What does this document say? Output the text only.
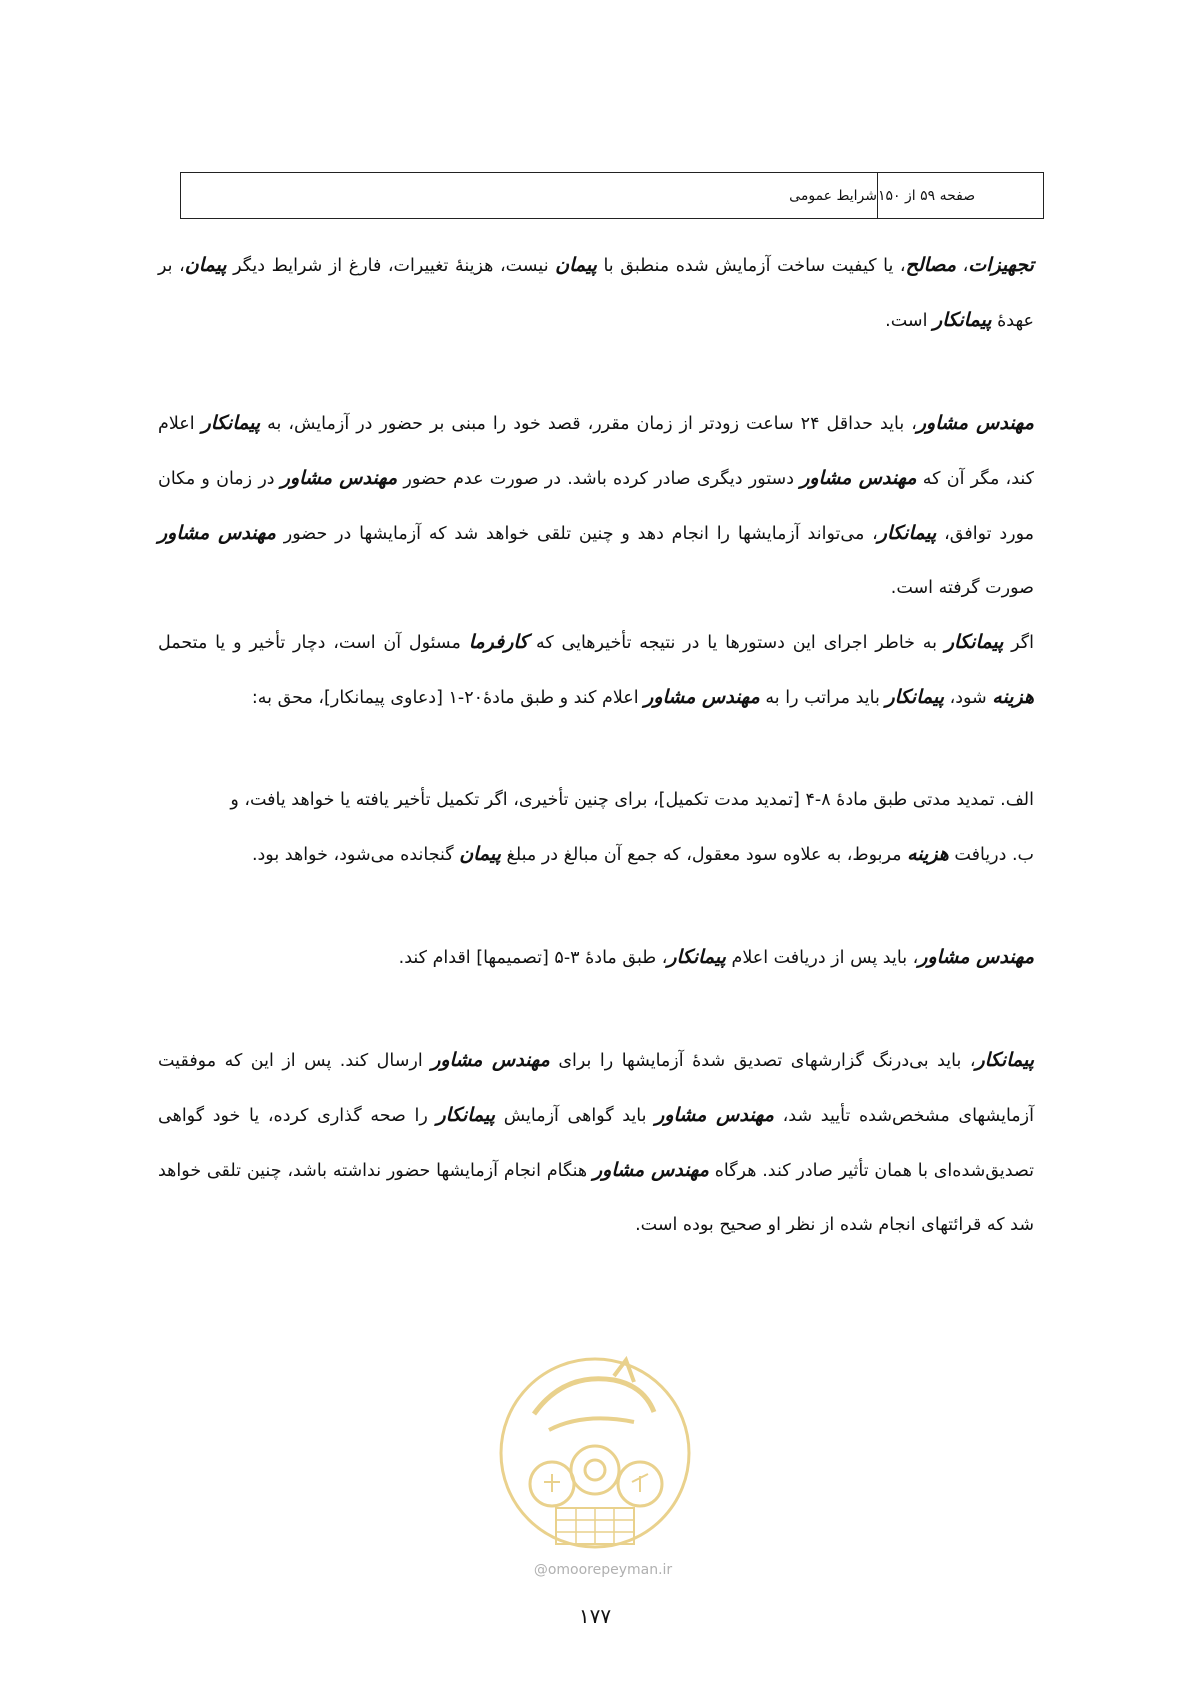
شرایط عمومی صفحه ۵۹ از ۱۵۰

تجهیزات، مصالح، یا کیفیت ساخت آزمایش شده منطبق با پیمان نیست، هزینهٔ تغییرات، فارغ از شرایط دیگر پیمان، بر عهدهٔ پیمانکار است.

مهندس مشاور، باید حداقل ۲۴ ساعت زودتر از زمان مقرر، قصد خود را مبنی بر حضور در آزمایش، به پیمانکار اعلام کند، مگر آن که مهندس مشاور دستور دیگری صادر کرده باشد. در صورت عدم حضور مهندس مشاور در زمان و مکان مورد توافق، پیمانکار، می‌تواند آزمایشها را انجام دهد و چنین تلقی خواهد شد که آزمایشها در حضور مهندس مشاور صورت گرفته است.

اگر پیمانکار به خاطر اجرای این دستورها یا در نتیجه تأخیرهایی که کارفرما مسئول آن است، دچار تأخیر و یا متحمل هزینه شود، پیمانکار باید مراتب را به مهندس مشاور اعلام کند و طبق مادهٔ۲۰-۱ [دعاوی پیمانکار]، محق به:

الف. تمدید مدتی طبق مادهٔ ۸-۴ [تمدید مدت تکمیل]، برای چنین تأخیری، اگر تکمیل تأخیر یافته یا خواهد یافت، و

ب. دریافت هزینه مربوط، به علاوه سود معقول، که جمع آن مبالغ در مبلغ پیمان گنجانده می‌شود، خواهد بود.

مهندس مشاور، باید پس از دریافت اعلام پیمانکار، طبق مادهٔ ۳-۵ [تصمیمها] اقدام کند.

پیمانکار، باید بی‌درنگ گزارشهای تصدیق شدهٔ آزمایشها را برای مهندس مشاور ارسال کند. پس از این که موفقیت آزمایشهای مشخص‌شده تأیید شد، مهندس مشاور باید گواهی آزمایش پیمانکار را صحه گذاری کرده، یا خود گواهی تصدیق‌شده‌ای با همان تأثیر صادر کند. هرگاه مهندس مشاور هنگام انجام آزمایشها حضور نداشته باشد، چنین تلقی خواهد شد که قرائتهای انجام شده از نظر او صحیح بوده است.

@omoorepeyman.ir
۱۷۷
